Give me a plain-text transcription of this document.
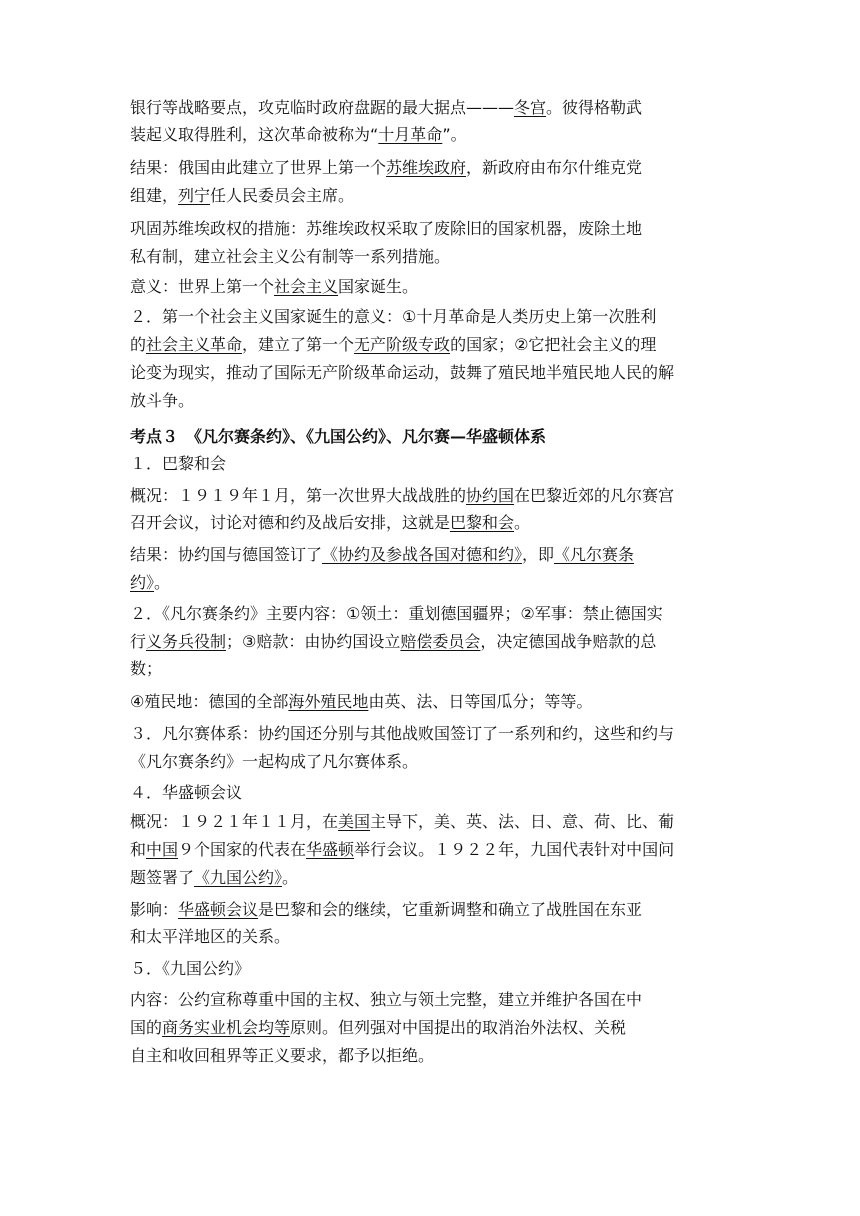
银行等战略要点，攻克临时政府盘踞的最大据点———冬宫。彼得格勒武
装起义取得胜利，这次革命被称为“十月革命”。
结果：俄国由此建立了世界上第一个苏维埃政府，新政府由布尔什维克党
组建，列宁任人民委员会主席。
巩固苏维埃政权的措施：苏维埃政权采取了废除旧的国家机器，废除土地
私有制，建立社会主义公有制等一系列措施。
意义：世界上第一个社会主义国家诞生。
２．第一个社会主义国家诞生的意义：①十月革命是人类历史上第一次胜利
的社会主义革命，建立了第一个无产阶级专政的国家；②它把社会主义的理
论变为现实，推动了国际无产阶级革命运动，鼓舞了殖民地半殖民地人民的解
放斗争。
考点３　《凡尔赛条约》、《九国公约》、凡尔赛—华盛顿体系
１．巴黎和会
概况：１９１９年１月，第一次世界大战战胜的协约国在巴黎近郊的凡尔赛宫
召开会议，讨论对德和约及战后安排，这就是巴黎和会。
结果：协约国与德国签订了《协约及参战各国对德和约》，即《凡尔赛条
约》。
２．《凡尔赛条约》主要内容：①领土：重划德国疆界；②军事：禁止德国实
行义务兵役制；③赔款：由协约国设立赔偿委员会，决定德国战争赔款的总
数；
④殖民地：德国的全部海外殖民地由英、法、日等国瓜分；等等。
３．凡尔赛体系：协约国还分别与其他战败国签订了一系列和约，这些和约与
《凡尔赛条约》一起构成了凡尔赛体系。
４．华盛顿会议
概况：１９２１年１１月，在美国主导下，美、英、法、日、意、荷、比、葡
和中国９个国家的代表在华盛顿举行会议。１９２２年，九国代表针对中国问
题签署了《九国公约》。
影响：华盛顿会议是巴黎和会的继续，它重新调整和确立了战胜国在东亚
和太平洋地区的关系。
５．《九国公约》
内容：公约宣称尊重中国的主权、独立与领土完整，建立并维护各国在中
国的商务实业机会均等原则。但列强对中国提出的取消治外法权、关税
自主和收回租界等正义要求，都予以拒绝。
